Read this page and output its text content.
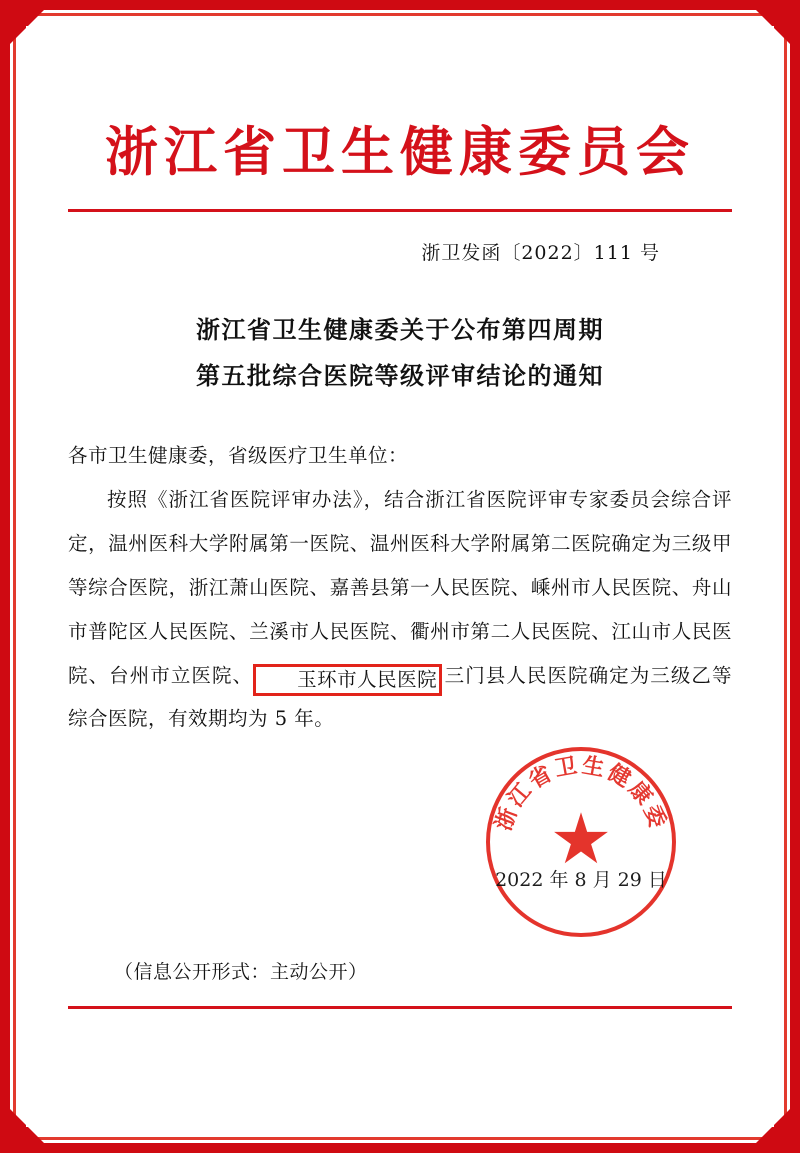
浙江省卫生健康委员会
浙卫发函〔2022〕111 号
浙江省卫生健康委关于公布第四周期
第五批综合医院等级评审结论的通知

各市卫生健康委，省级医疗卫生单位：

按照《浙江省医院评审办法》，结合浙江省医院评审专家委员会综合评定，温州医科大学附属第一医院、温州医科大学附属第二医院确定为三级甲等综合医院，浙江萧山医院、嘉善县第一人民医院、嵊州市人民医院、舟山市普陀区人民医院、兰溪市人民医院、衢州市第二人民医院、江山市人民医院、台州市立医院、 玉环市人民医院 三门县人民医院确定为三级乙等综合医院，有效期均为 5 年。

浙江省卫生健康委
2022 年 8 月 29 日
（信息公开形式：主动公开）
